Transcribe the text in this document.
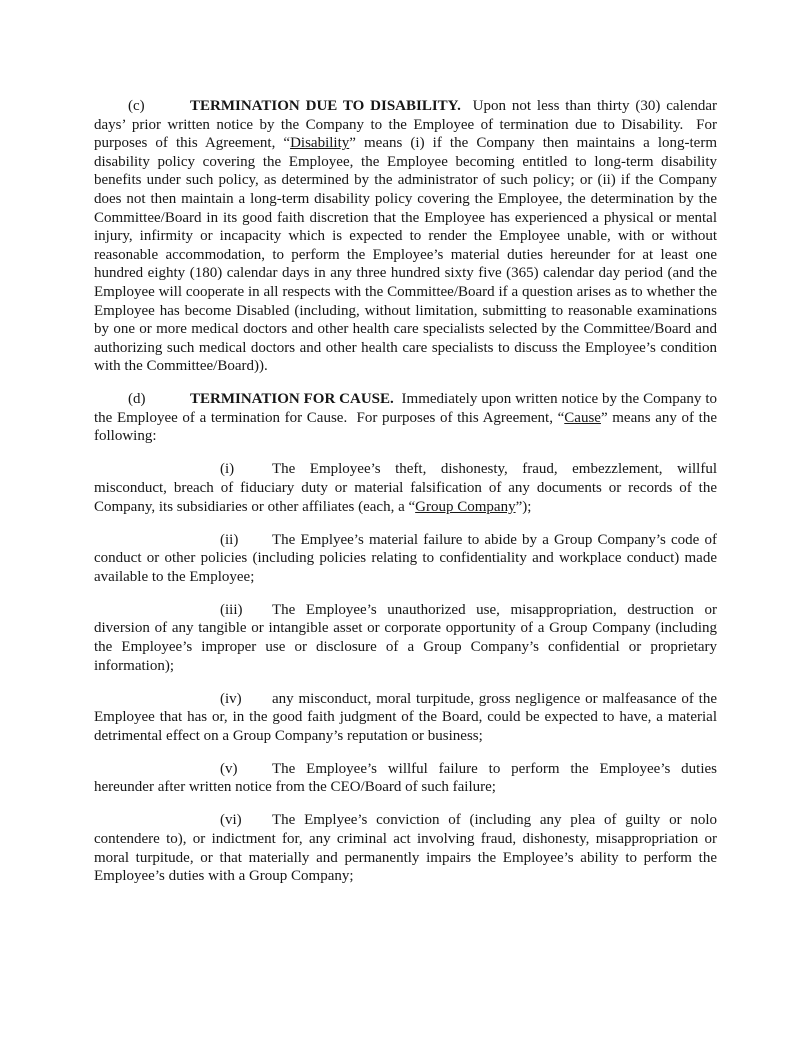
(c)	TERMINATION DUE TO DISABILITY.  Upon not less than thirty (30) calendar days’ prior written notice by the Company to the Employee of termination due to Disability.  For purposes of this Agreement, “Disability” means (i) if the Company then maintains a long-term disability policy covering the Employee, the Employee becoming entitled to long-term disability benefits under such policy, as determined by the administrator of such policy; or (ii) if the Company does not then maintain a long-term disability policy covering the Employee, the determination by the Committee/Board in its good faith discretion that the Employee has experienced a physical or mental injury, infirmity or incapacity which is expected to render the Employee unable, with or without reasonable accommodation, to perform the Employee’s material duties hereunder for at least one hundred eighty (180) calendar days in any three hundred sixty five (365) calendar day period (and the Employee will cooperate in all respects with the Committee/Board if a question arises as to whether the Employee has become Disabled (including, without limitation, submitting to reasonable examinations by one or more medical doctors and other health care specialists selected by the Committee/Board and authorizing such medical doctors and other health care specialists to discuss the Employee’s condition with the Committee/Board)).

(d)	TERMINATION FOR CAUSE.  Immediately upon written notice by the Company to the Employee of a termination for Cause.  For purposes of this Agreement, “Cause” means any of the following:

(i)	The Employee’s theft, dishonesty, fraud, embezzlement, willful misconduct, breach of fiduciary duty or material falsification of any documents or records of the Company, its subsidiaries or other affiliates (each, a “Group Company”);

(ii) The Emplyee’s material failure to abide by a Group Company’s code of conduct or other policies (including policies relating to confidentiality and workplace conduct) made available to the Employee;

(iii) The Employee’s unauthorized use, misappropriation, destruction or diversion of any tangible or intangible asset or corporate opportunity of a Group Company (including the Employee’s improper use or disclosure of a Group Company’s confidential or proprietary information);

(iv) any misconduct, moral turpitude, gross negligence or malfeasance of the Employee that has or, in the good faith judgment of the Board, could be expected to have, a material detrimental effect on a Group Company’s reputation or business;

(v) The Employee’s willful failure to perform the Employee’s duties hereunder after written notice from the CEO/Board of such failure;

(vi) The Emplyee’s conviction of (including any plea of guilty or nolo contendere to), or indictment for, any criminal act involving fraud, dishonesty, misappropriation or moral turpitude, or that materially and permanently impairs the Employee’s ability to perform the Employee’s duties with a Group Company;
